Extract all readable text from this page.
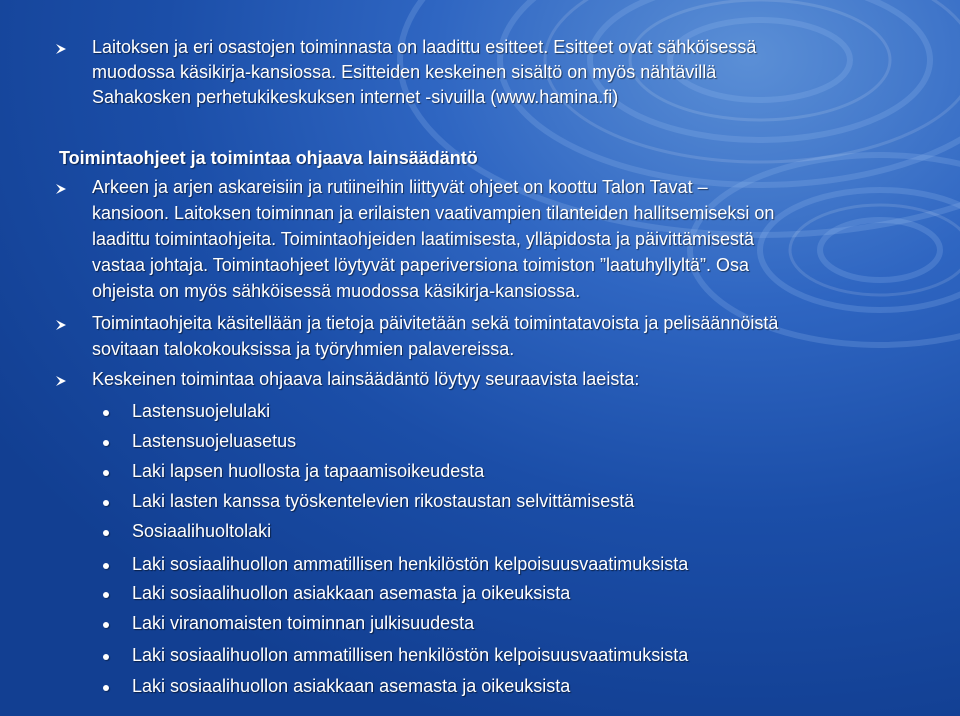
Laitoksen ja eri osastojen toiminnasta on laadittu esitteet. Esitteet ovat sähköisessä
muodossa käsikirja-kansiossa. Esitteiden keskeinen sisältö on myös nähtävillä
Sahakosken perhetukikeskuksen internet -sivuilla (www.hamina.fi)
Toimintaohjeet ja toimintaa ohjaava lainsäädäntö
Arkeen ja arjen askareisiin ja rutiineihin liittyvät ohjeet on koottu Talon Tavat –
kansioon. Laitoksen toiminnan ja erilaisten vaativampien tilanteiden hallitsemiseksi on
laadittu toimintaohjeita. Toimintaohjeiden laatimisesta, ylläpidosta ja päivittämisestä
vastaa johtaja. Toimintaohjeet löytyvät paperiversiona toimiston ”laatuhyllyltä”. Osa
ohjeista on myös sähköisessä muodossa käsikirja-kansiossa.
Toimintaohjeita käsitellään ja tietoja päivitetään sekä toimintatavoista ja pelisäännöistä
sovitaan talokokouksissa ja työryhmien palavereissa.
Keskeinen toimintaa ohjaava lainsäädäntö löytyy seuraavista laeista:
Lastensuojelulaki
Lastensuojeluasetus
Laki lapsen huollosta ja tapaamisoikeudesta
Laki lasten kanssa työskentelevien rikostaustan selvittämisestä
Sosiaalihuoltolaki
Laki sosiaalihuollon ammatillisen henkilöstön kelpoisuusvaatimuksista
Laki sosiaalihuollon asiakkaan asemasta ja oikeuksista
Laki viranomaisten toiminnan julkisuudesta
Laki sosiaalihuollon ammatillisen henkilöstön kelpoisuusvaatimuksista
Laki sosiaalihuollon asiakkaan asemasta ja oikeuksista
